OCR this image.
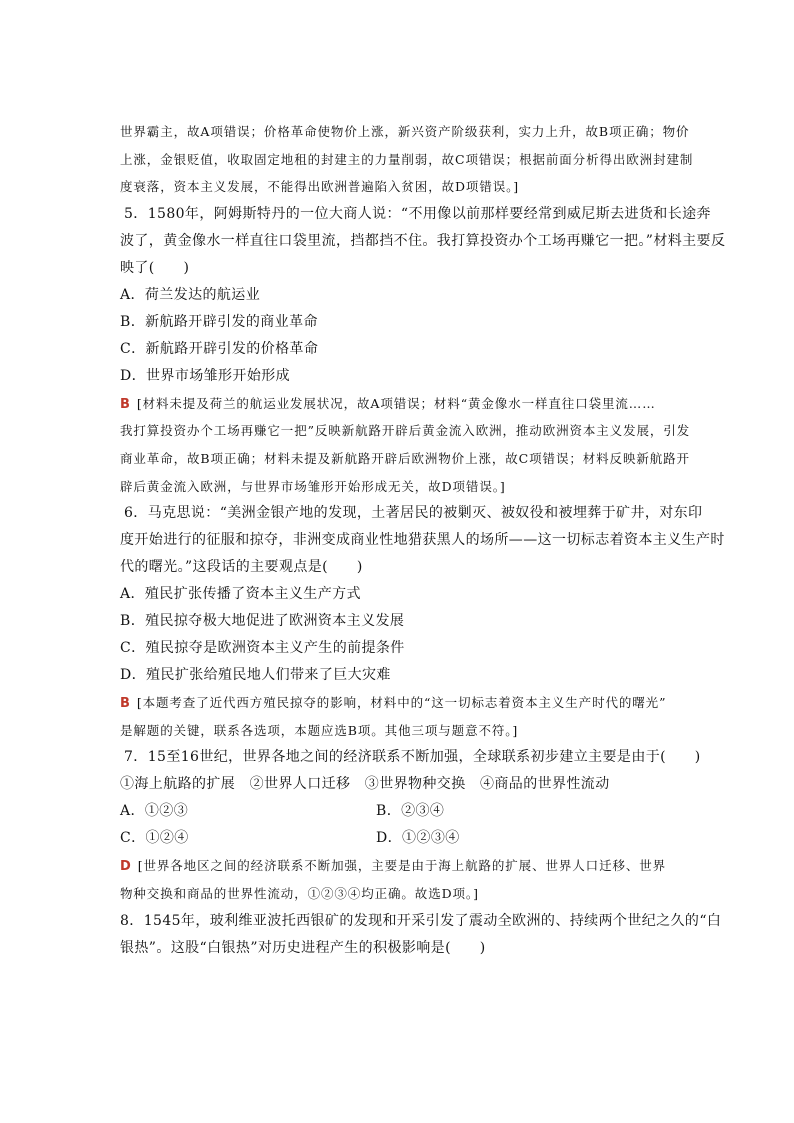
世界霸主，故A项错误；价格革命使物价上涨，新兴资产阶级获利，实力上升，故B项正确；物价
上涨，金银贬值，收取固定地租的封建主的力量削弱，故C项错误；根据前面分析得出欧洲封建制
度衰落，资本主义发展，不能得出欧洲普遍陷入贫困，故D项错误。]
5．1580年，阿姆斯特丹的一位大商人说：“不用像以前那样要经常到威尼斯去进货和长途奔
波了，黄金像水一样直往口袋里流，挡都挡不住。我打算投资办个工场再赚它一把。”材料主要反
映了(　　)
A．荷兰发达的航运业
B．新航路开辟引发的商业革命
C．新航路开辟引发的价格革命
D．世界市场雏形开始形成
B [材料未提及荷兰的航运业发展状况，故A项错误；材料“黄金像水一样直往口袋里流……
我打算投资办个工场再赚它一把”反映新航路开辟后黄金流入欧洲，推动欧洲资本主义发展，引发
商业革命，故B项正确；材料未提及新航路开辟后欧洲物价上涨，故C项错误；材料反映新航路开
辟后黄金流入欧洲，与世界市场雏形开始形成无关，故D项错误。]
6．马克思说：“美洲金银产地的发现，土著居民的被剿灭、被奴役和被埋葬于矿井，对东印
度开始进行的征服和掠夺，非洲变成商业性地猎获黑人的场所——这一切标志着资本主义生产时
代的曙光。”这段话的主要观点是(　　)
A．殖民扩张传播了资本主义生产方式
B．殖民掠夺极大地促进了欧洲资本主义发展
C．殖民掠夺是欧洲资本主义产生的前提条件
D．殖民扩张给殖民地人们带来了巨大灾难
B [本题考查了近代西方殖民掠夺的影响，材料中的“这一切标志着资本主义生产时代的曙光”
是解题的关键，联系各选项，本题应选B项。其他三项与题意不符。]
7．15至16世纪，世界各地之间的经济联系不断加强，全球联系初步建立主要是由于(　　)
①海上航路的扩展　②世界人口迁移　③世界物种交换　④商品的世界性流动
A．①②③	B．②③④
C．①②④	D．①②③④
D [世界各地区之间的经济联系不断加强，主要是由于海上航路的扩展、世界人口迁移、世界
物种交换和商品的世界性流动，①②③④均正确。故选D项。]
8．1545年，玻利维亚波托西银矿的发现和开采引发了震动全欧洲的、持续两个世纪之久的“白
银热”。这股“白银热”对历史进程产生的积极影响是(　　)
